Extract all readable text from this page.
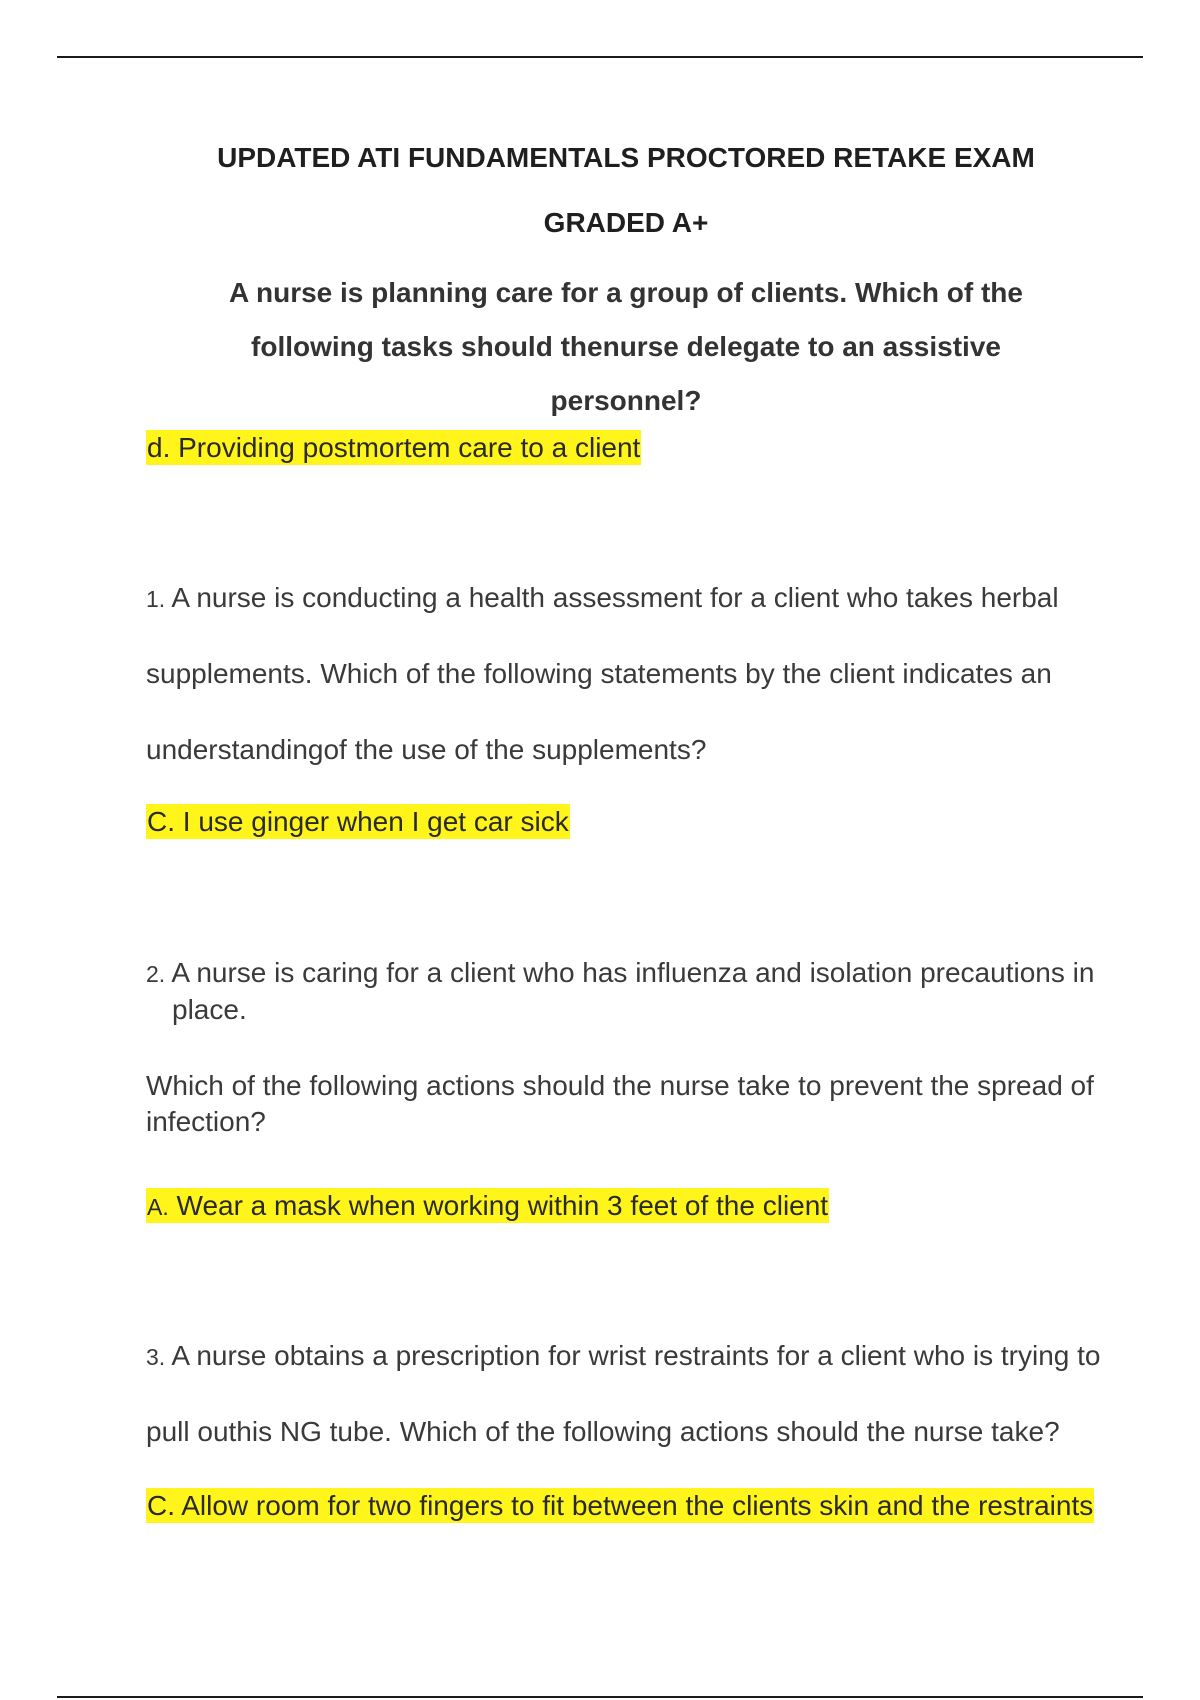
UPDATED ATI FUNDAMENTALS PROCTORED RETAKE EXAM
GRADED A+
A nurse is planning care for a group of clients. Which of the following tasks should thenurse delegate to an assistive personnel?
d. Providing postmortem care to a client
1. A nurse is conducting a health assessment for a client who takes herbal
supplements. Which of the following statements by the client indicates an
understandingof the use of the supplements?
C. I use ginger when I get car sick
2. A nurse is caring for a client who has influenza and isolation precautions in
place.
Which of the following actions should the nurse take to prevent the spread of
infection?
A. Wear a mask when working within 3 feet of the client
3. A nurse obtains a prescription for wrist restraints for a client who is trying to
pull outhis NG tube. Which of the following actions should the nurse take?
C. Allow room for two fingers to fit between the clients skin and the restraints
